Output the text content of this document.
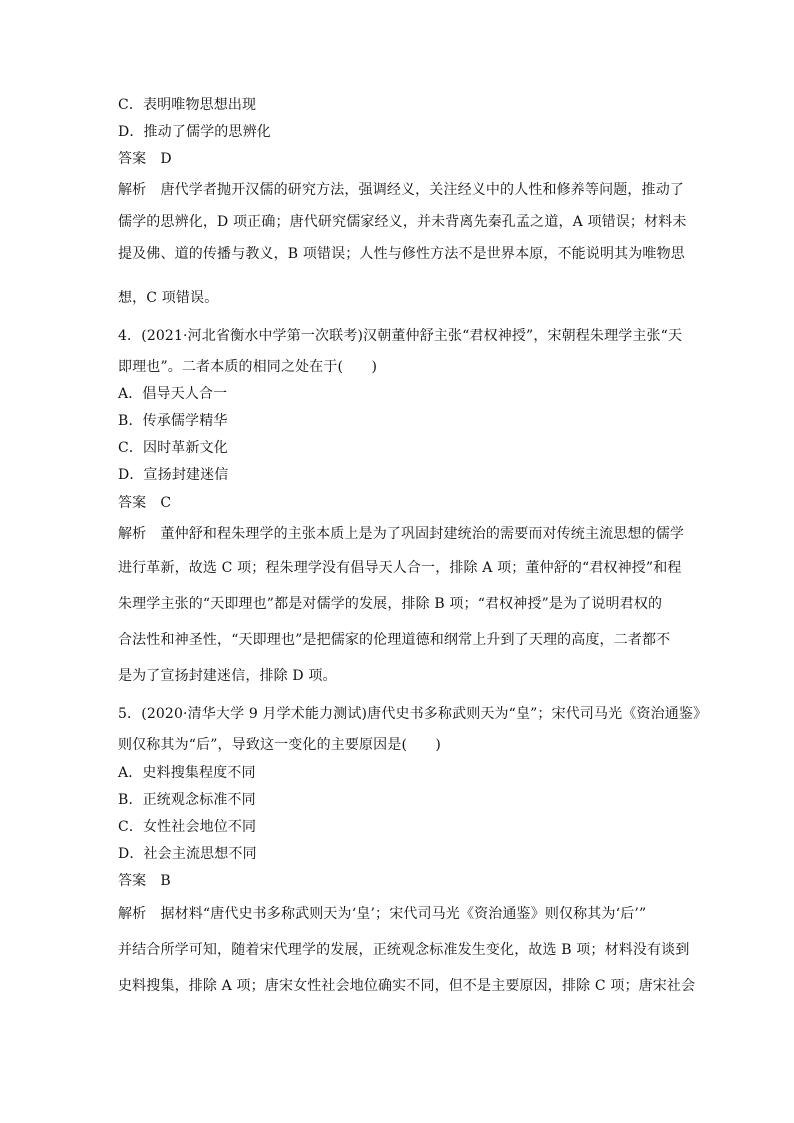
C．表明唯物思想出现
D．推动了儒学的思辨化
答案 D
解析　唐代学者抛开汉儒的研究方法，强调经义，关注经义中的人性和修养等问题，推动了
儒学的思辨化，D 项正确；唐代研究儒家经义，并未背离先秦孔孟之道，A 项错误；材料未
提及佛、道的传播与教义，B 项错误；人性与修性方法不是世界本原，不能说明其为唯物思
想，C 项错误。
4．(2021·河北省衡水中学第一次联考)汉朝董仲舒主张“君权神授”，宋朝程朱理学主张“天
即理也”。二者本质的相同之处在于(　　)
A．倡导天人合一
B．传承儒学精华
C．因时革新文化
D．宣扬封建迷信
答案 C
解析　董仲舒和程朱理学的主张本质上是为了巩固封建统治的需要而对传统主流思想的儒学
进行革新，故选 C 项；程朱理学没有倡导天人合一，排除 A 项；董仲舒的“君权神授”和程
朱理学主张的“天即理也”都是对儒学的发展，排除 B 项；“君权神授”是为了说明君权的
合法性和神圣性，“天即理也”是把儒家的伦理道德和纲常上升到了天理的高度，二者都不
是为了宣扬封建迷信，排除 D 项。
5．(2020·清华大学 9 月学术能力测试)唐代史书多称武则天为“皇”；宋代司马光《资治通鉴》
则仅称其为“后”，导致这一变化的主要原因是(　　)
A．史料搜集程度不同
B．正统观念标准不同
C．女性社会地位不同
D．社会主流思想不同
答案 B
解析　据材料“唐代史书多称武则天为‘皇’；宋代司马光《资治通鉴》则仅称其为‘后’”
并结合所学可知，随着宋代理学的发展，正统观念标准发生变化，故选 B 项；材料没有谈到
史料搜集，排除 A 项；唐宋女性社会地位确实不同，但不是主要原因，排除 C 项；唐宋社会
